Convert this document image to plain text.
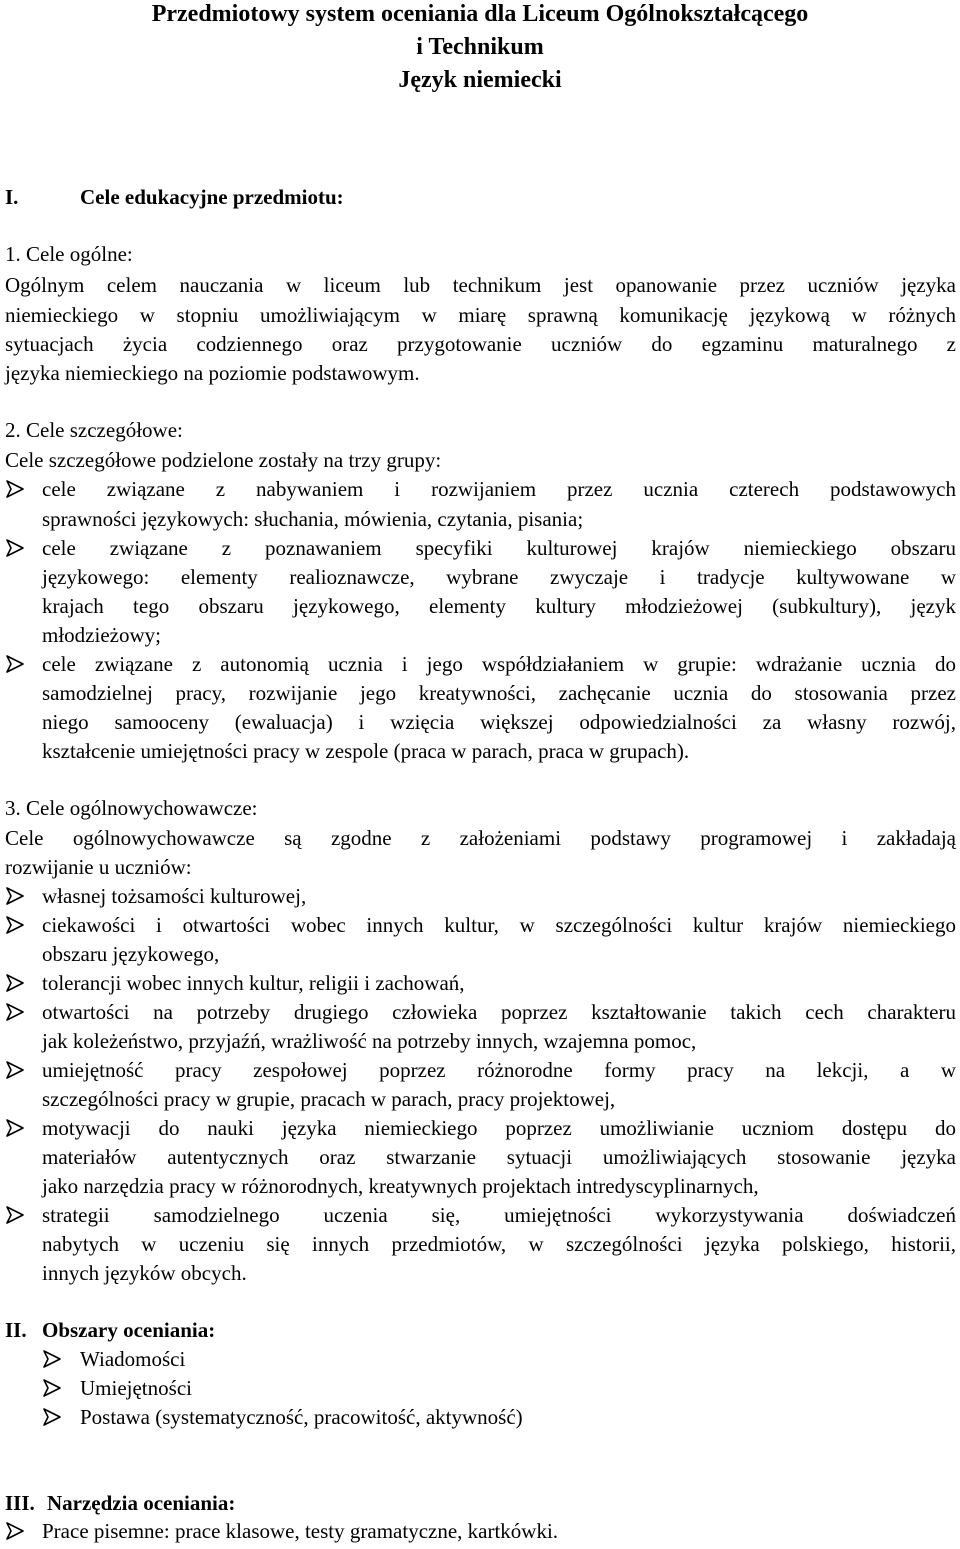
Przedmiotowy system oceniania dla Liceum Ogólnokształcącego
i Technikum
Język niemiecki
I.	Cele edukacyjne przedmiotu:
1. Cele ogólne:
Ogólnym celem nauczania w liceum lub technikum jest opanowanie przez uczniów języka
niemieckiego w stopniu umożliwiającym w miarę sprawną komunikację językową w różnych
sytuacjach życia codziennego oraz przygotowanie uczniów do egzaminu maturalnego z
języka niemieckiego na poziomie podstawowym.
2. Cele szczegółowe:
Cele szczegółowe podzielone zostały na trzy grupy:
cele związane z nabywaniem i rozwijaniem przez ucznia czterech podstawowych
sprawności językowych: słuchania, mówienia, czytania, pisania;
cele związane z poznawaniem specyfiki kulturowej krajów niemieckiego obszaru
językowego: elementy realioznawcze, wybrane zwyczaje i tradycje kultywowane w
krajach tego obszaru językowego, elementy kultury młodzieżowej (subkultury), język
młodzieżowy;
cele związane z autonomią ucznia i jego współdziałaniem w grupie: wdrażanie ucznia do
samodzielnej pracy, rozwijanie jego kreatywności, zachęcanie ucznia do stosowania przez
niego samooceny (ewaluacja) i wzięcia większej odpowiedzialności za własny rozwój,
kształcenie umiejętności pracy w zespole (praca w parach, praca w grupach).
3. Cele ogólnowychowawcze:
Cele ogólnowychowawcze są zgodne z założeniami podstawy programowej i zakładają
rozwijanie u uczniów:
własnej tożsamości kulturowej,
ciekawości i otwartości wobec innych kultur, w szczególności kultur krajów niemieckiego
obszaru językowego,
tolerancji wobec innych kultur, religii i zachowań,
otwartości na potrzeby drugiego człowieka poprzez kształtowanie takich cech charakteru
jak koleżeństwo, przyjaźń, wrażliwość na potrzeby innych, wzajemna pomoc,
umiejętność pracy zespołowej poprzez różnorodne formy pracy na lekcji, a w
szczególności pracy w grupie, pracach w parach, pracy projektowej,
motywacji do nauki języka niemieckiego poprzez umożliwianie uczniom dostępu do
materiałów autentycznych oraz stwarzanie sytuacji umożliwiających stosowanie języka
jako narzędzia pracy w różnorodnych, kreatywnych projektach intredyscyplinarnych,
strategii samodzielnego uczenia się, umiejętności wykorzystywania doświadczeń
nabytych w uczeniu się innych przedmiotów, w szczególności języka polskiego, historii,
innych języków obcych.
II. Obszary oceniania:
Wiadomości
Umiejętności
Postawa (systematyczność, pracowitość, aktywność)
III. Narzędzia oceniania:
Prace pisemne: prace klasowe, testy gramatyczne, kartkówki.
